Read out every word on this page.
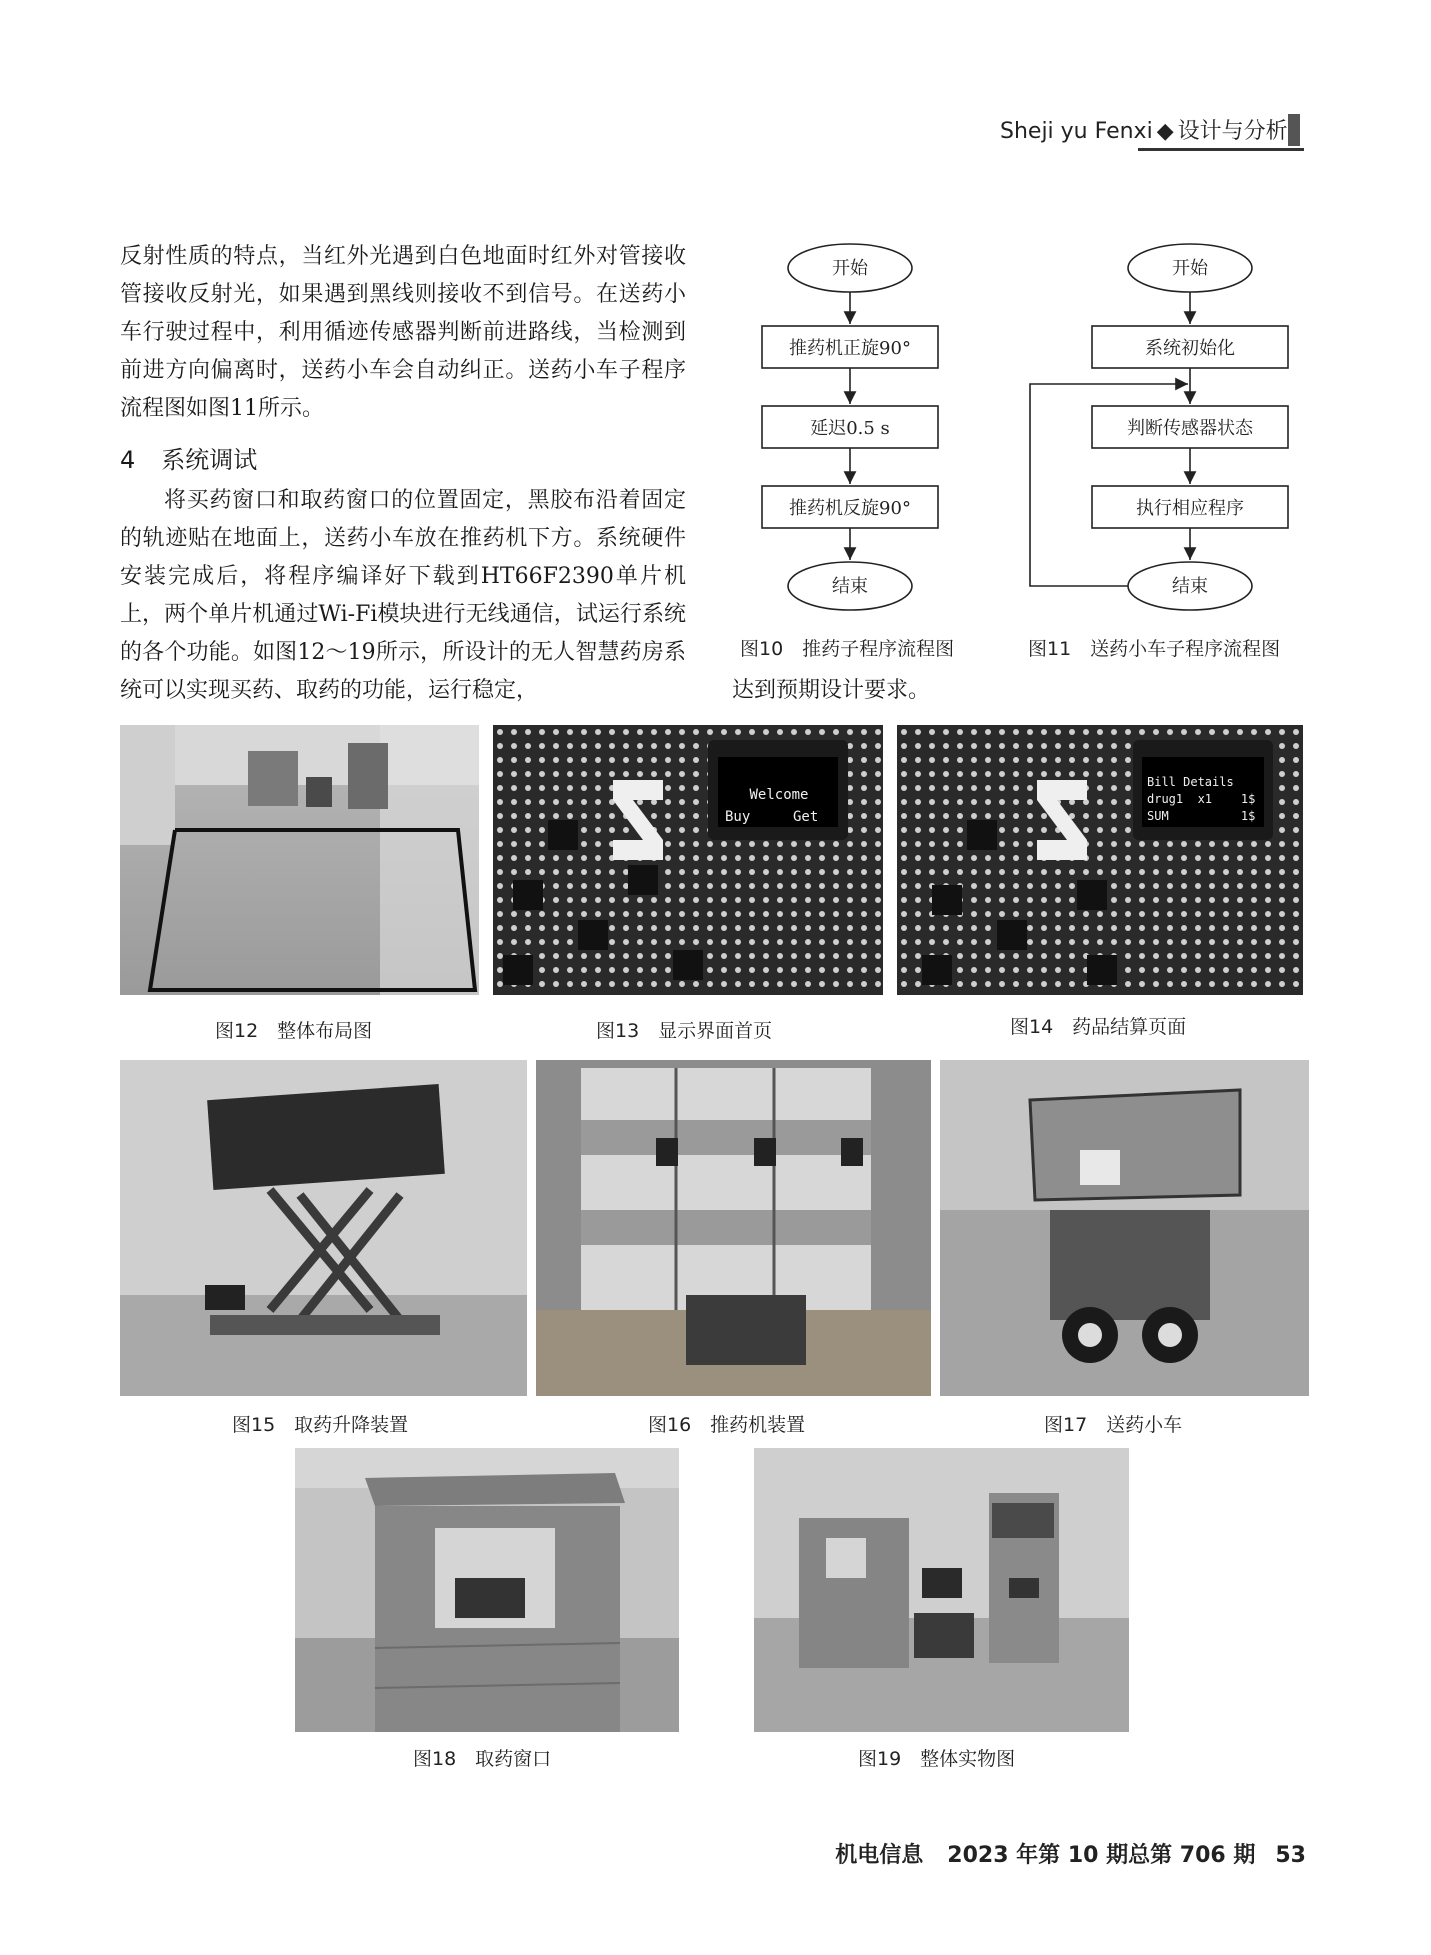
Sheji yu Fenxi ◆ 设计与分析
反射性质的特点，当红外光遇到白色地面时红外对管接收管接收反射光，如果遇到黑线则接收不到信号。在送药小车行驶过程中，利用循迹传感器判断前进路线，当检测到前进方向偏离时，送药小车会自动纠正。送药小车子程序流程图如图11所示。
4 系统调试
将买药窗口和取药窗口的位置固定，黑胶布沿着固定的轨迹贴在地面上，送药小车放在推药机下方。系统硬件安装完成后，将程序编译好下载到HT66F2390单片机上，两个单片机通过Wi-Fi模块进行无线通信，试运行系统的各个功能。如图12～19所示，所设计的无人智慧药房系统可以实现买药、取药的功能，运行稳定，	达到预期设计要求。
开始
推药机正旋90°
延迟0.5 s
推药机反旋90°
结束
开始
系统初始化
判断传感器状态
执行相应程序
结束
图10　推药子程序流程图	图11　送药小车子程序流程图
Welcome
Buy	Get
Bill Details
drug1  x1    1$
SUM          1$
图12　整体布局图	图13　显示界面首页	图14　药品结算页面
图15　取药升降装置	图16　推药机装置	图17　送药小车
图18　取药窗口	图19　整体实物图
机电信息 2023 年第 10 期总第 706 期 53
